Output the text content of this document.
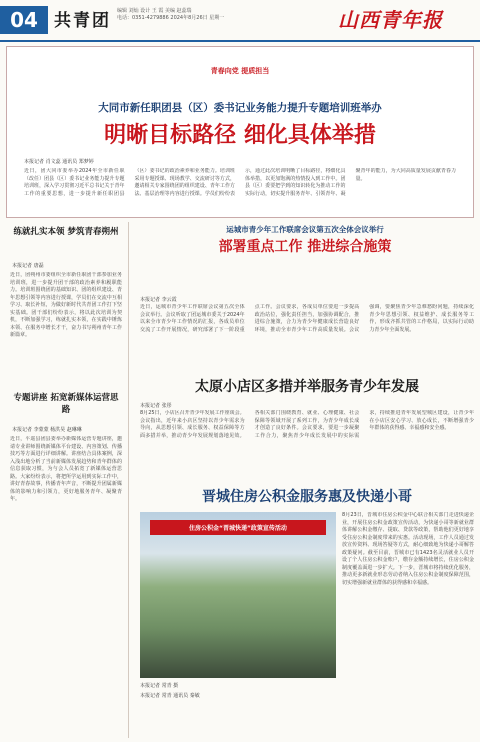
04 共青团 编辑 刘灿 设计 王 霞 美编 赵蕊瑞
电话：0351-4279886 2024年8月26日 星期一	山西青年报
青春向党 提质担当
大同市新任职团县（区）委书记业务能力提升专题培训班举办
明晰目标路径 细化具体举措
本报记者 肖文蕊 通讯员 郑梦婷
近日，团大同市委举办2024年全市新任职（改任）团县（区）委书记业务能力提升专题培训班，深入学习贯彻习近平总书记关于青年工作的重要思想，进一步提升新任职团县（区）委书记的政治素养和业务能力。培训班采用专题授课、现场教学、交流研讨等方式，邀请相关专家围绕团的组织建设、青年工作方法、基层治理等内容进行授课。学员们纷纷表示，通过此次培训明晰了目标路径，将细化具体举措，以更加饱满的热情投入到工作中。团县（区）委要把学到的知识转化为推动工作的实际行动，切实提升服务青年、引领青年、凝聚青年的能力，为大同高质量发展贡献青春力量。
练就扎实本领 梦筑青春朔州
本报记者 唐磊
近日，团朔州市委组织全市新任职团干部参加业务培训班，进一步提升团干部的政治素养和履职能力。培训班围绕团的基础知识、团的组织建设、青年思想引领等内容进行授课，学员们在交流中互相学习、取长补短，为做好新时代共青团工作打下坚实基础。团干部们纷纷表示，将以此次培训为契机，不断加强学习，练就扎实本领，在实践中锤炼本领、在服务中增长才干，奋力书写朔州青年工作新篇章。
专题讲座 拓宽新媒体运营思路
本报记者 李蒙蒙 杨洪昊 赵琳琳
近日，平遥县团县委举办新媒体运营专题讲座，邀请专业讲师围绕新媒体平台建设、内容策划、传播技巧等方面进行详细讲解。讲座结合具体案例，深入浅出地分析了当前新媒体发展趋势和青年群体的信息获取习惯，为与会人员拓宽了新媒体运营思路。大家纷纷表示，将把所学运用到实际工作中，讲好青春故事，传播青年声音，不断提升团属新媒体的影响力和引领力，更好地服务青年、凝聚青年。
运城市青少年工作联席会议第五次全体会议举行
部署重点工作 推进综合施策
本报记者 李云霞
近日，运城市青少年工作联席会议第五次全体会议举行。会议听取了团运城市委关于2024年以来全市青少年工作情况的汇报，各成员单位交流了工作开展情况，研究部署了下一阶段重点工作。会议要求，各成员单位要进一步提高政治站位，强化责任担当，加强协调配合，推进综合施策，合力为青少年健康成长营造良好环境，推动全市青少年工作高质量发展。会议强调，要聚焦青少年急难愁盼问题，持续深化青少年思想引领、权益维护、成长服务等工作，形成齐抓共管的工作格局，以实际行动助力青少年全面发展。
太原小店区多措并举服务青少年发展
本报记者 张彤
8月25日，小店区召开青少年发展工作座谈会。会议指出，近年来小店区坚持以青少年需求为导向，从思想引领、成长服务、权益保障等方面多措并举，推动青少年发展规划落地见效。各相关部门围绕教育、就业、心理健康、社会保障等领域开展了系列工作，为青少年成长成才创造了良好条件。会议要求，要进一步凝聚工作合力，聚焦青少年成长发展中的实际需求，持续推进青年发展型城区建设，让青少年在小店区安心学习、放心成长，不断增强青少年群体的获得感、幸福感和安全感。
晋城住房公积金服务惠及快递小哥
住房公积金“晋城快递”政策宣传活动
本报记者 常青 摄
本报记者 常青 通讯员 秦敏
8月23日，晋城市住房公积金中心联合相关部门走进快递企业，开展住房公积金政策宣传活动，为快递小哥等新就业群体讲解公积金缴存、提取、贷款等政策，帮助他们更好地享受住房公积金制度带来的实惠。活动现场，工作人员通过发放宣传资料、现场答疑等方式，耐心细致地为快递小哥解答政策疑问。截至目前，晋城市已有1423名灵活就业人员开设了个人住房公积金账户，缴存金额持续增长，住房公积金制度覆盖面进一步扩大。下一步，晋城市将持续优化服务，推动更多新就业形态劳动者纳入住房公积金制度保障范围，切实增强新就业群体的获得感和幸福感。
